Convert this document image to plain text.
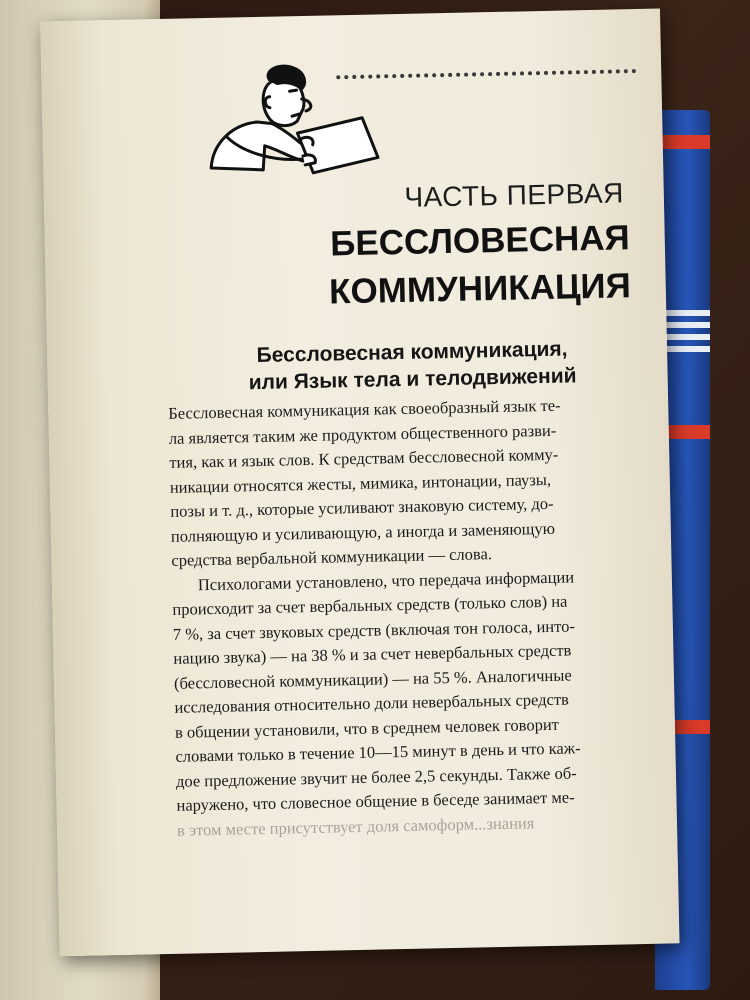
ЧАСТЬ ПЕРВАЯ
БЕССЛОВЕСНАЯ
КОММУНИКАЦИЯ
Бессловесная коммуникация,
или Язык тела и телодвижений
Бессловесная коммуникация как своеобразный язык те-
ла является таким же продуктом общественного разви-
тия, как и язык слов. К средствам бессловесной комму-
никации относятся жесты, мимика, интонации, паузы,
позы и т. д., которые усиливают знаковую систему, до-
полняющую и усиливающую, а иногда и заменяющую
средства вербальной коммуникации — слова.
Психологами установлено, что передача информации
происходит за счет вербальных средств (только слов) на
7 %, за счет звуковых средств (включая тон голоса, инто-
нацию звука) — на 38 % и за счет невербальных средств
(бессловесной коммуникации) — на 55 %. Аналогичные
исследования относительно доли невербальных средств
в общении установили, что в среднем человек говорит
словами только в течение 10—15 минут в день и что каж-
дое предложение звучит не более 2,5 секунды. Также об-
наружено, что словесное общение в беседе занимает ме-
в этом месте присутствует доля самоформ...знания
